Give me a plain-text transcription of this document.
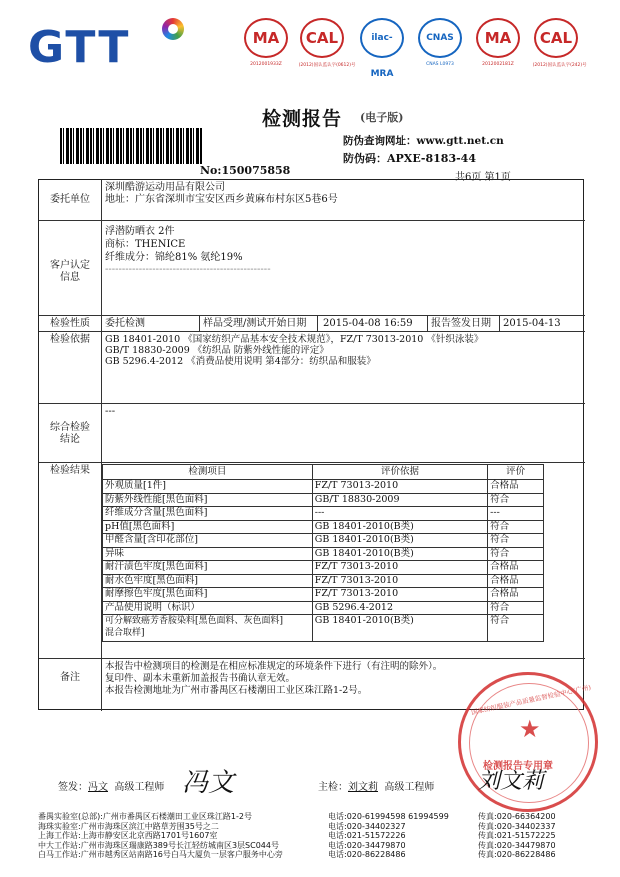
GTT	MA
2012001933Z
CAL
(2012)国认监认字(0612)号
ilac-MRA
CNAS
CNAS L0973
MA
2012002181Z
CAL
(2012)国认监认字(242)号
检测报告 (电子版)
防伪查询网址：www.gtt.net.cn
防伪码：APXE-8183-44
No:150075858
共6页 第1页
委托单位
深圳酷游运动用品有限公司
地址：广东省深圳市宝安区西乡黄麻布村东区5巷6号
客户认定
信息
浮潜防晒衣 2件
商标：THENICE
纤维成分：锦纶81% 氨纶19%
-------------------------------------------------
检验性质	委托检测	样品受理/测试开始日期 2015-04-08 16:59 报告签发日期 2015-04-13
检验依据	GB 18401-2010 《国家纺织产品基本安全技术规范》，FZ/T 73013-2010 《针织泳装》
GB/T 18830-2009 《纺织品 防紫外线性能的评定》
GB 5296.4-2012 《消费品使用说明 第4部分：纺织品和服装》
综合检验
结论
---
检验结果
备注
本报告中检测项目的检测是在相应标准规定的环境条件下进行（有注明的除外）。
复印件、副本未重新加盖报告书确认章无效。
本报告检测地址为广州市番禺区石楼潮田工业区珠江路1-2号。
检测项目	评价依据	评价
外观质量[1件]	FZ/T 73013-2010	合格品
防紫外线性能[黑色面料]	GB/T 18830-2009	符合
纤维成分含量[黑色面料]	---	---
pH值[黑色面料]	GB 18401-2010(B类)	符合
甲醛含量[含印花部位]	GB 18401-2010(B类)	符合
异味	GB 18401-2010(B类)	符合
耐汗渍色牢度[黑色面料]	FZ/T 73013-2010	合格品
耐水色牢度[黑色面料]	FZ/T 73013-2010	合格品
耐摩擦色牢度[黑色面料]	FZ/T 73013-2010	合格品
产品使用说明（标识）	GB 5296.4-2012	符合

可分解致癌芳香胺染料[黑色面料、灰色面料]
混合取样]	GB 18401-2010(B类)	符合
国家纺织服装产品质量监督检验中心(广州)
★
检测报告专用章
签发：冯文 高级工程师 冯文	主检：刘文莉 高级工程师 刘文莉
番禺实验室(总部):广州市番禺区石楼潮田工业区珠江路1-2号	电话:020-61994598 61994599	传真:020-66364200
海珠实验室:广州市海珠区滨江中路草芳围35号之二	电话:020-34402327	传真:020-34402337
上海工作站:上海市静安区北京西路1701号1607室	电话:021-51572226	传真:021-51572225
中大工作站:广州市海珠区瑞康路389号长江轻纺城南区3层SC044号	电话:020-34479870	传真:020-34479870
白马工作站:广州市越秀区站南路16号白马大厦负一层客户服务中心旁	电话:020-86228486	传真:020-86228486
